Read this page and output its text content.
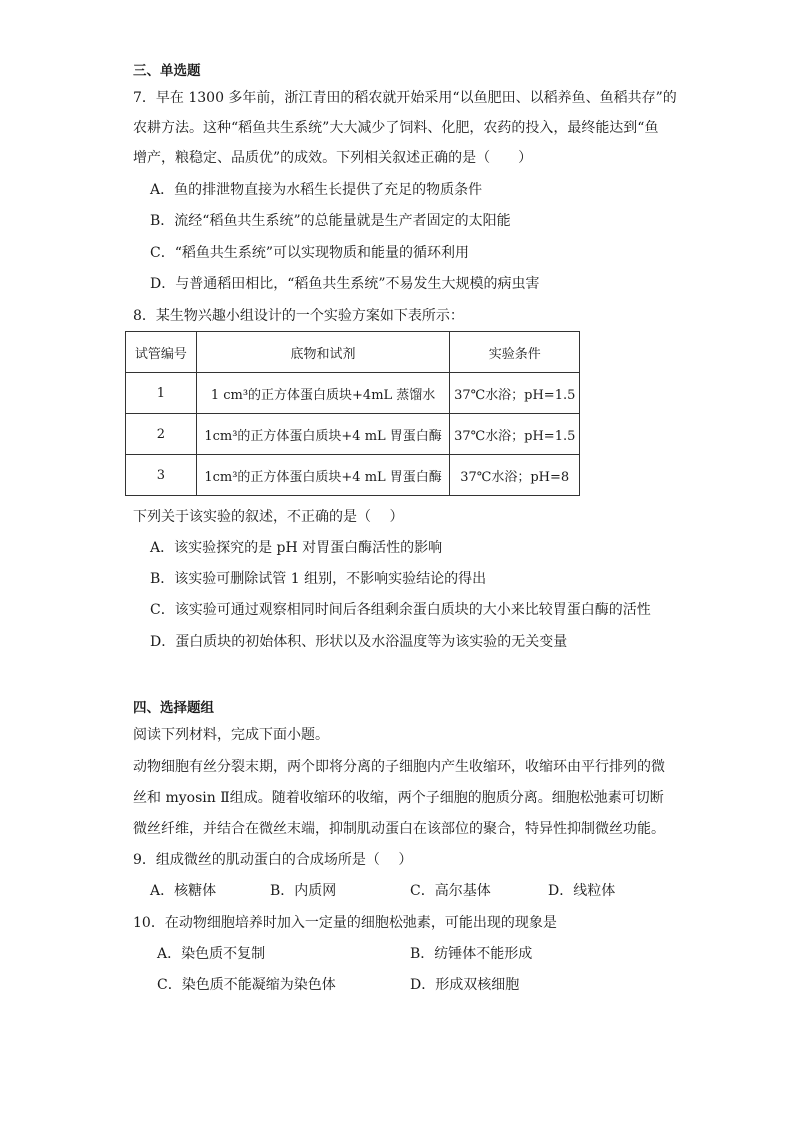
三、单选题
7．早在 1300 多年前，浙江青田的稻农就开始采用“以鱼肥田、以稻养鱼、鱼稻共存”的
农耕方法。这种“稻鱼共生系统”大大减少了饲料、化肥，农药的投入，最终能达到“鱼
增产，粮稳定、品质优”的成效。下列相关叙述正确的是（　　）
A．鱼的排泄物直接为水稻生长提供了充足的物质条件
B．流经“稻鱼共生系统”的总能量就是生产者固定的太阳能
C．“稻鱼共生系统”可以实现物质和能量的循环利用
D．与普通稻田相比，“稻鱼共生系统”不易发生大规模的病虫害
8．某生物兴趣小组设计的一个实验方案如下表所示：
试管编号	底物和试剂	实验条件
1	1 cm³的正方体蛋白质块+4mL 蒸馏水	37℃水浴；pH=1.5
2	1cm³的正方体蛋白质块+4 mL 胃蛋白酶	37℃水浴；pH=1.5
3	1cm³的正方体蛋白质块+4 mL 胃蛋白酶	37℃水浴；pH=8
下列关于该实验的叙述，不正确的是（　 ）
A．该实验探究的是 pH 对胃蛋白酶活性的影响
B．该实验可删除试管 1 组别，不影响实验结论的得出
C．该实验可通过观察相同时间后各组剩余蛋白质块的大小来比较胃蛋白酶的活性
D．蛋白质块的初始体积、形状以及水浴温度等为该实验的无关变量
四、选择题组
阅读下列材料，完成下面小题。
动物细胞有丝分裂末期，两个即将分离的子细胞内产生收缩环，收缩环由平行排列的微
丝和 myosin Ⅱ组成。随着收缩环的收缩，两个子细胞的胞质分离。细胞松弛素可切断
微丝纤维，并结合在微丝末端，抑制肌动蛋白在该部位的聚合，特异性抑制微丝功能。
9．组成微丝的肌动蛋白的合成场所是（　 ）
A．核糖体	B．内质网	C．高尔基体	D．线粒体
10．在动物细胞培养时加入一定量的细胞松弛素，可能出现的现象是
A．染色质不复制	B．纺锤体不能形成
C．染色质不能凝缩为染色体	D．形成双核细胞
